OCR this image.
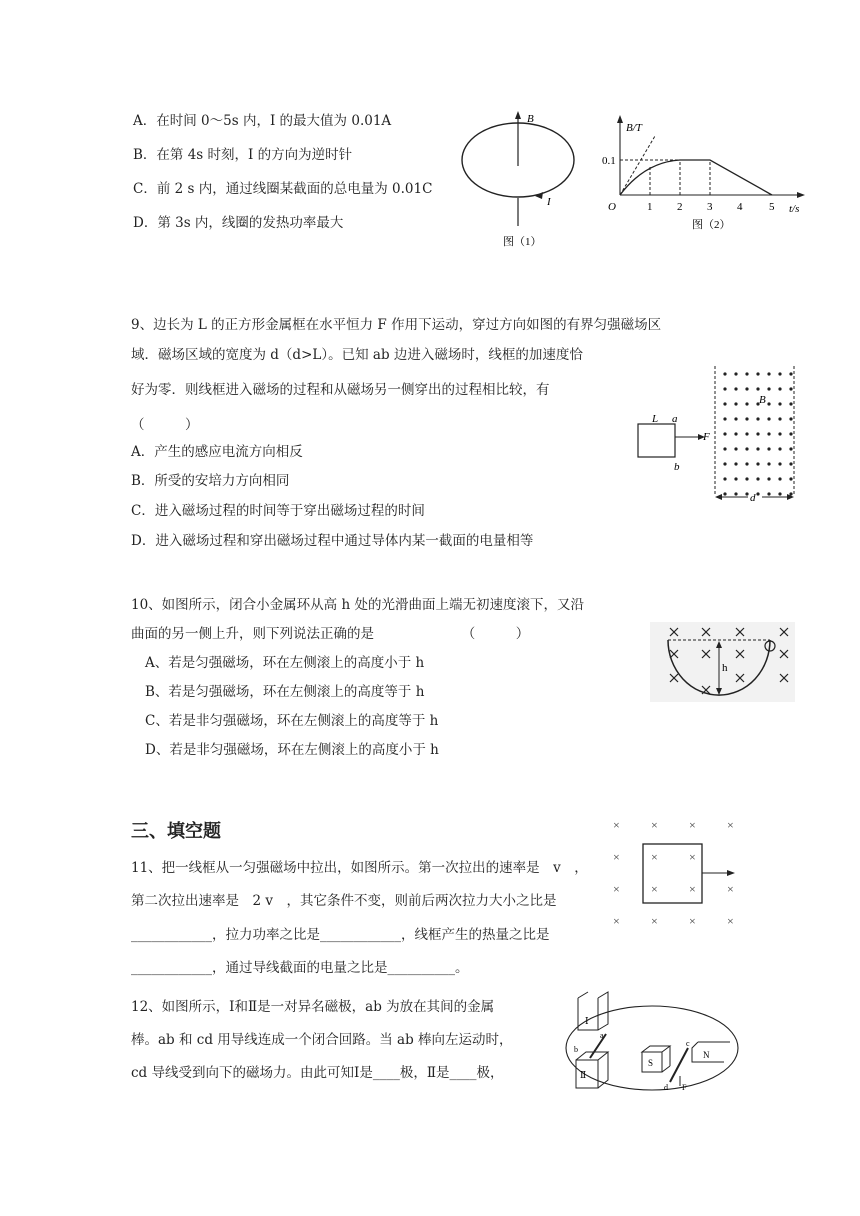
A．在时间 0～5s 内，I 的最大值为 0.01A
B．在第 4s 时刻，I 的方向为逆时针
C．前 2 s 内，通过线圈某截面的总电量为 0.01C
D．第 3s 内，线圈的发热功率最大
B
I
图（1）
B/T
0.1
O	1 2 3 4 5 t/s
图（2）
9、边长为 L 的正方形金属框在水平恒力 F 作用下运动，穿过方向如图的有界匀强磁场区
域．磁场区域的宽度为 d（d>L）。已知 ab 边进入磁场时，线框的加速度恰
好为零．则线框进入磁场的过程和从磁场另一侧穿出的过程相比较，有
（　　　）
A．产生的感应电流方向相反
B．所受的安培力方向相同
C．进入磁场过程的时间等于穿出磁场过程的时间
D．进入磁场过程和穿出磁场过程中通过导体内某一截面的电量相等
L a
b
F
B
d
10、如图所示，闭合小金属环从高 h 处的光滑曲面上端无初速度滚下，又沿
曲面的另一侧上升，则下列说法正确的是　　　　　　　（　　　）
A、若是匀强磁场，环在左侧滚上的高度小于 h
B、若是匀强磁场，环在左侧滚上的高度等于 h
C、若是非匀强磁场，环在左侧滚上的高度等于 h
D、若是非匀强磁场，环在左侧滚上的高度小于 h
h
三、填空题
11、把一线框从一匀强磁场中拉出，如图所示。第一次拉出的速率是　v　，
第二次拉出速率是　2 v　，其它条件不变，则前后两次拉力大小之比是
____________，拉力功率之比是____________，线框产生的热量之比是
____________，通过导线截面的电量之比是__________。
×	×	×	×
×	×	×
×	×	×	×
×	×	×	×
12、如图所示，Ⅰ和Ⅱ是一对异名磁极，ab 为放在其间的金属
棒。ab 和 cd 用导线连成一个闭合回路。当 ab 棒向左运动时，
cd 导线受到向下的磁场力。由此可知Ⅰ是____极，Ⅱ是____极，
Ⅰ
Ⅱ
a
b
S
N
c
d F
